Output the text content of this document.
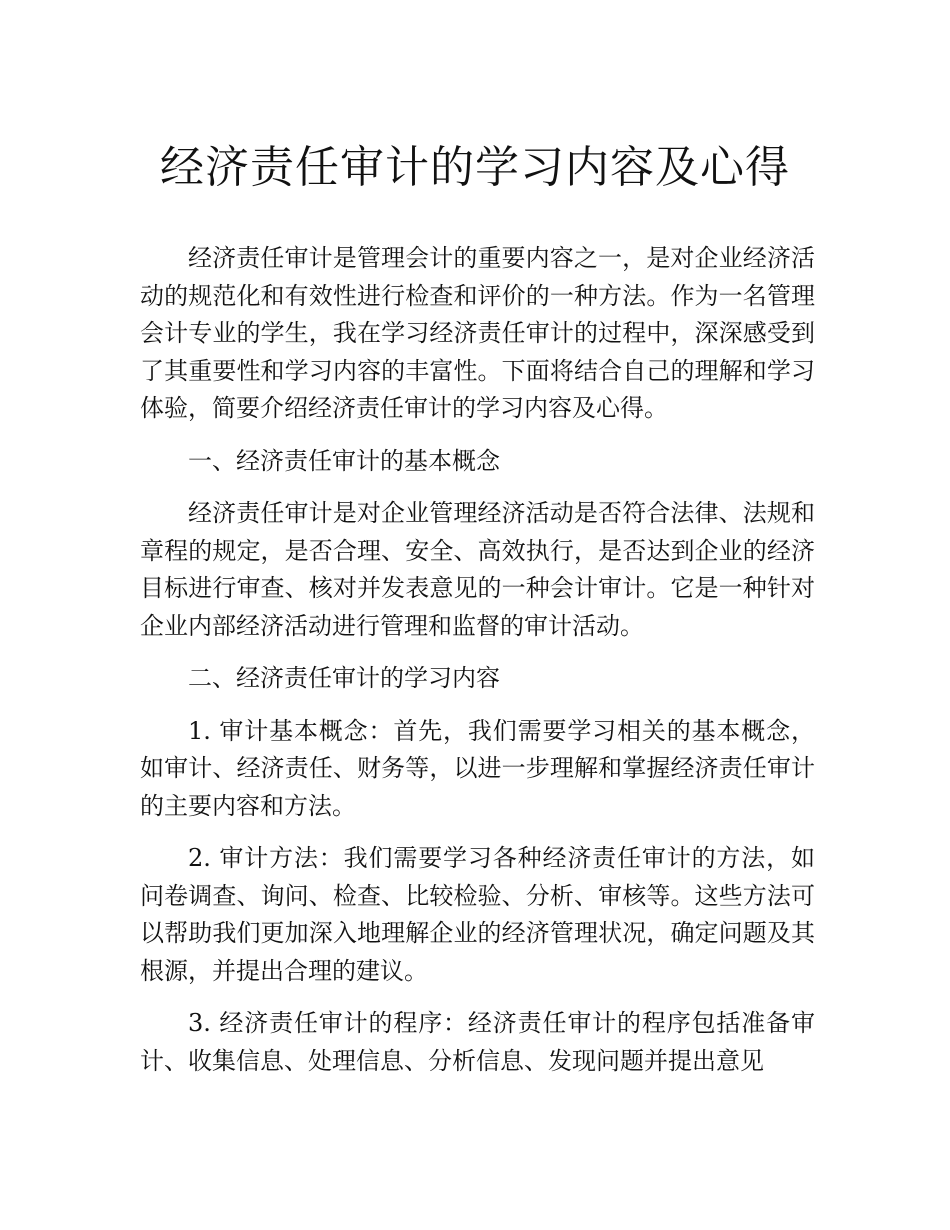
经济责任审计的学习内容及心得

经济责任审计是管理会计的重要内容之一，是对企业经济活动的规范化和有效性进行检查和评价的一种方法。作为一名管理会计专业的学生，我在学习经济责任审计的过程中，深深感受到了其重要性和学习内容的丰富性。下面将结合自己的理解和学习体验，简要介绍经济责任审计的学习内容及心得。

一、经济责任审计的基本概念

经济责任审计是对企业管理经济活动是否符合法律、法规和章程的规定，是否合理、安全、高效执行，是否达到企业的经济目标进行审查、核对并发表意见的一种会计审计。它是一种针对企业内部经济活动进行管理和监督的审计活动。

二、经济责任审计的学习内容

1. 审计基本概念：首先，我们需要学习相关的基本概念，如审计、经济责任、财务等，以进一步理解和掌握经济责任审计的主要内容和方法。

2. 审计方法：我们需要学习各种经济责任审计的方法，如问卷调查、询问、检查、比较检验、分析、审核等。这些方法可以帮助我们更加深入地理解企业的经济管理状况，确定问题及其根源，并提出合理的建议。

3. 经济责任审计的程序：经济责任审计的程序包括准备审计、收集信息、处理信息、分析信息、发现问题并提出意见
